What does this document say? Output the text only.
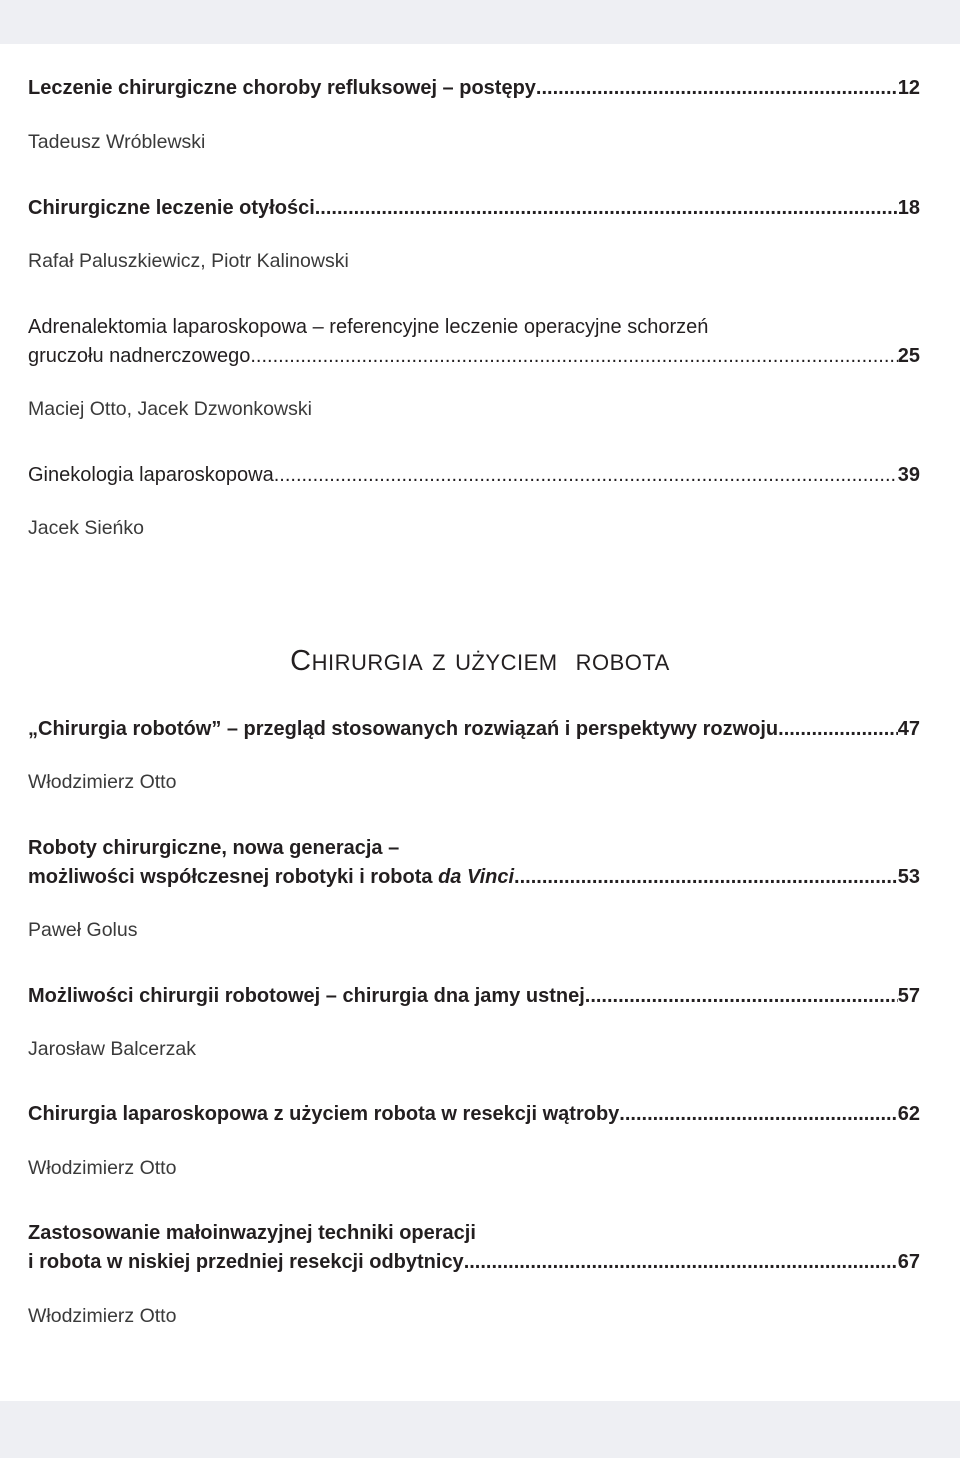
Leczenie chirurgiczne choroby refluksowej – postępy .....	12
Tadeusz Wróblewski
Chirurgiczne leczenie otyłości .....	18
Rafał Paluszkiewicz, Piotr Kalinowski
Adrenalektomia laparoskopowa – referencyjne leczenie operacyjne schorzeń
gruczołu nadnerczowego .....	25
Maciej Otto, Jacek Dzwonkowski
Ginekologia laparoskopowa .....	39
Jacek Sieńko
CHIRURGIA Z UŻYCIEM ROBOTA
„Chirurgia robotów” – przegląd stosowanych rozwiązań i perspektywy rozwoju .....	47
Włodzimierz Otto
Roboty chirurgiczne, nowa generacja –
możliwości współczesnej robotyki i robota da Vinci .....	53
Paweł Golus
Możliwości chirurgii robotowej – chirurgia dna jamy ustnej .....	57
Jarosław Balcerzak
Chirurgia laparoskopowa z użyciem robota w resekcji wątroby .....	62
Włodzimierz Otto
Zastosowanie małoinwazyjnej techniki operacji
i robota w niskiej przedniej resekcji odbytnicy .....	67
Włodzimierz Otto
